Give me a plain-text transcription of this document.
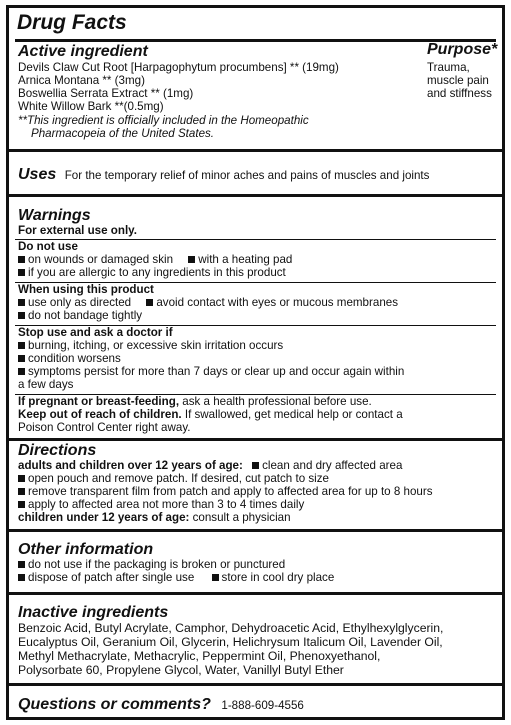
Drug Facts
Active ingredient	Purpose*
Devils Claw Cut Root [Harpagophytum procumbens] ** (19mg)
Arnica Montana ** (3mg)
Boswellia Serrata Extract ** (1mg)
White Willow Bark **(0.5mg)
Trauma,
muscle pain
and stiffness
**This ingredient is officially included in the Homeopathic
Pharmacopeia of the United States.
Uses For the temporary relief of minor aches and pains of muscles and joints
Warnings
For external use only.
Do not use
on wounds or damaged skin with a heating pad
if you are allergic to any ingredients in this product
When using this product
use only as directed avoid contact with eyes or mucous membranes
do not bandage tightly
Stop use and ask a doctor if
burning, itching, or excessive skin irritation occurs
condition worsens
symptoms persist for more than 7 days or clear up and occur again within
a few days
If pregnant or breast-feeding, ask a health professional before use.
Keep out of reach of children. If swallowed, get medical help or contact a
Poison Control Center right away.
Directions
adults and children over 12 years of age: clean and dry affected area
open pouch and remove patch. If desired, cut patch to size
remove transparent film from patch and apply to affected area for up to 8 hours
apply to affected area not more than 3 to 4 times daily
children under 12 years of age: consult a physician
Other information
do not use if the packaging is broken or punctured
dispose of patch after single use store in cool dry place
Inactive ingredients
Benzoic Acid, Butyl Acrylate, Camphor, Dehydroacetic Acid, Ethylhexylglycerin,
Eucalyptus Oil, Geranium Oil, Glycerin, Helichrysum Italicum Oil, Lavender Oil,
Methyl Methacrylate, Methacrylic, Peppermint Oil, Phenoxyethanol,
Polysorbate 60, Propylene Glycol, Water, Vanillyl Butyl Ether
Questions or comments? 1-888-609-4556
